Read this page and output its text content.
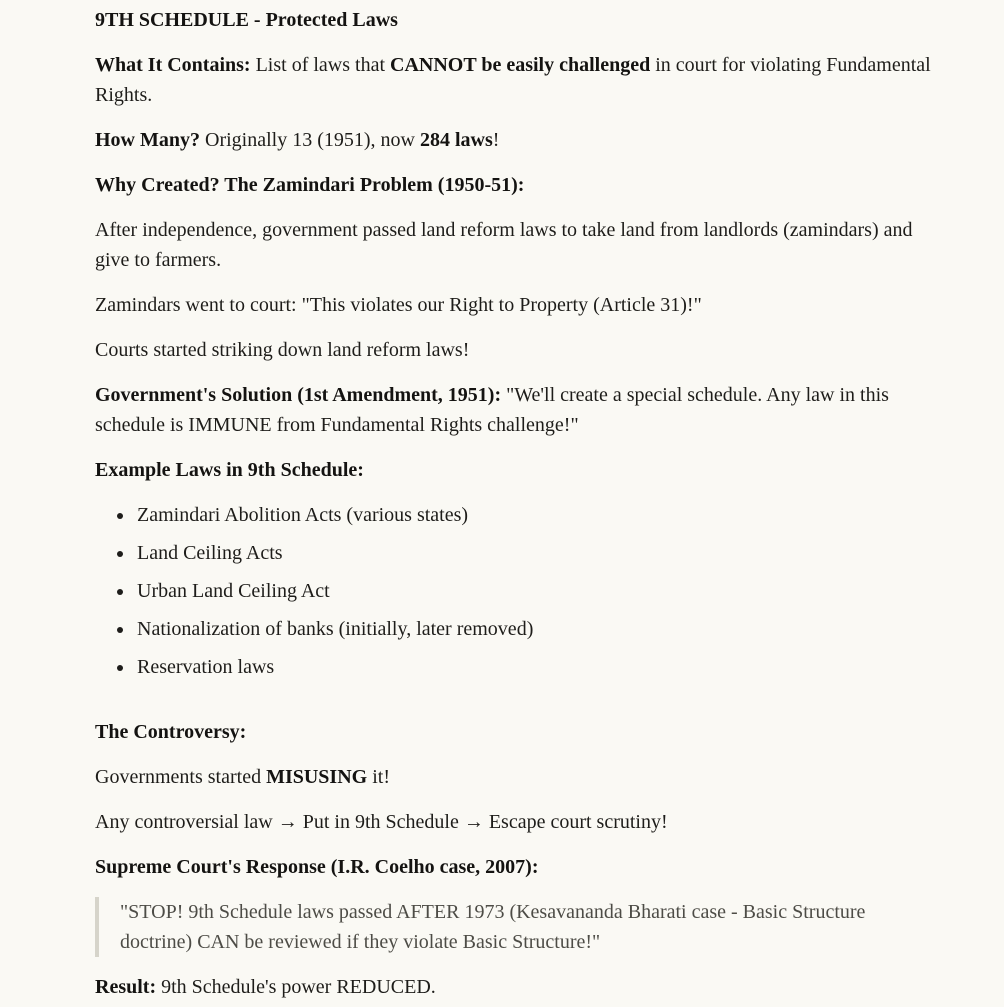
9TH SCHEDULE - Protected Laws

What It Contains: List of laws that CANNOT be easily challenged in court for violating Fundamental Rights.

How Many? Originally 13 (1951), now 284 laws!

Why Created? The Zamindari Problem (1950-51):

After independence, government passed land reform laws to take land from landlords (zamindars) and give to farmers.

Zamindars went to court: "This violates our Right to Property (Article 31)!"

Courts started striking down land reform laws!

Government's Solution (1st Amendment, 1951): "We'll create a special schedule. Any law in this schedule is IMMUNE from Fundamental Rights challenge!"

Example Laws in 9th Schedule:

• Zamindari Abolition Acts (various states)
• Land Ceiling Acts
• Urban Land Ceiling Act
• Nationalization of banks (initially, later removed)
• Reservation laws

The Controversy:

Governments started MISUSING it!

Any controversial law → Put in 9th Schedule → Escape court scrutiny!

Supreme Court's Response (I.R. Coelho case, 2007):

"STOP! 9th Schedule laws passed AFTER 1973 (Kesavananda Bharati case - Basic Structure doctrine) CAN be reviewed if they violate Basic Structure!"

Result: 9th Schedule's power REDUCED.
